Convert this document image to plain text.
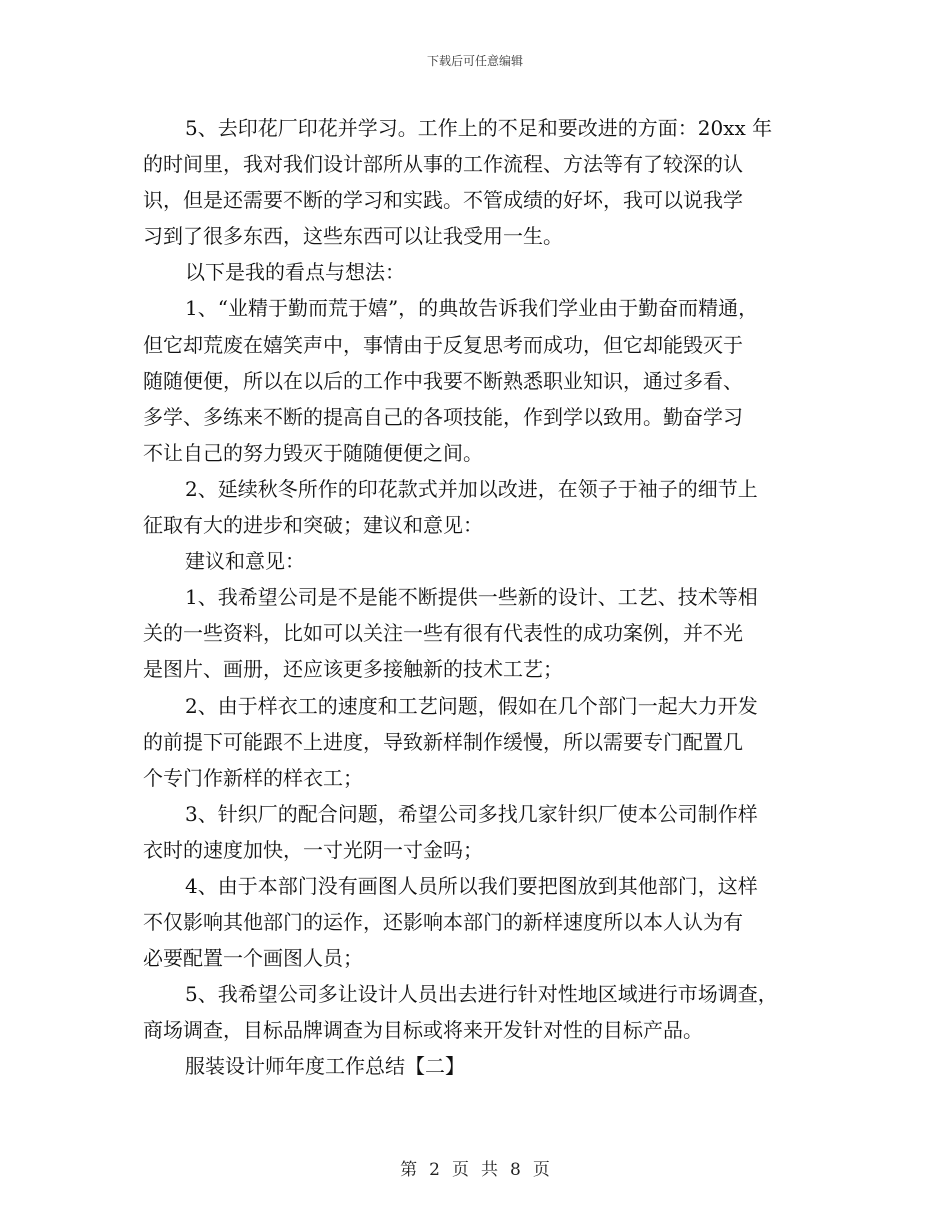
下载后可任意编辑
5、去印花厂印花并学习。工作上的不足和要改进的方面：20xx 年
的时间里，我对我们设计部所从事的工作流程、方法等有了较深的认
识，但是还需要不断的学习和实践。不管成绩的好坏，我可以说我学
习到了很多东西，这些东西可以让我受用一生。
以下是我的看点与想法：
1、“业精于勤而荒于嬉”，的典故告诉我们学业由于勤奋而精通，
但它却荒废在嬉笑声中，事情由于反复思考而成功，但它却能毁灭于
随随便便，所以在以后的工作中我要不断熟悉职业知识，通过多看、
多学、多练来不断的提高自己的各项技能，作到学以致用。勤奋学习
不让自己的努力毁灭于随随便便之间。
2、延续秋冬所作的印花款式并加以改进，在领子于袖子的细节上
征取有大的进步和突破；建议和意见：
建议和意见：
1、我希望公司是不是能不断提供一些新的设计、工艺、技术等相
关的一些资料，比如可以关注一些有很有代表性的成功案例，并不光
是图片、画册，还应该更多接触新的技术工艺；
2、由于样衣工的速度和工艺问题，假如在几个部门一起大力开发
的前提下可能跟不上进度，导致新样制作缓慢，所以需要专门配置几
个专门作新样的样衣工；
3、针织厂的配合问题，希望公司多找几家针织厂使本公司制作样
衣时的速度加快，一寸光阴一寸金吗；
4、由于本部门没有画图人员所以我们要把图放到其他部门，这样
不仅影响其他部门的运作，还影响本部门的新样速度所以本人认为有
必要配置一个画图人员；
5、我希望公司多让设计人员出去进行针对性地区域进行市场调查，
商场调查，目标品牌调查为目标或将来开发针对性的目标产品。
服装设计师年度工作总结【二】
第 2 页 共 8 页
